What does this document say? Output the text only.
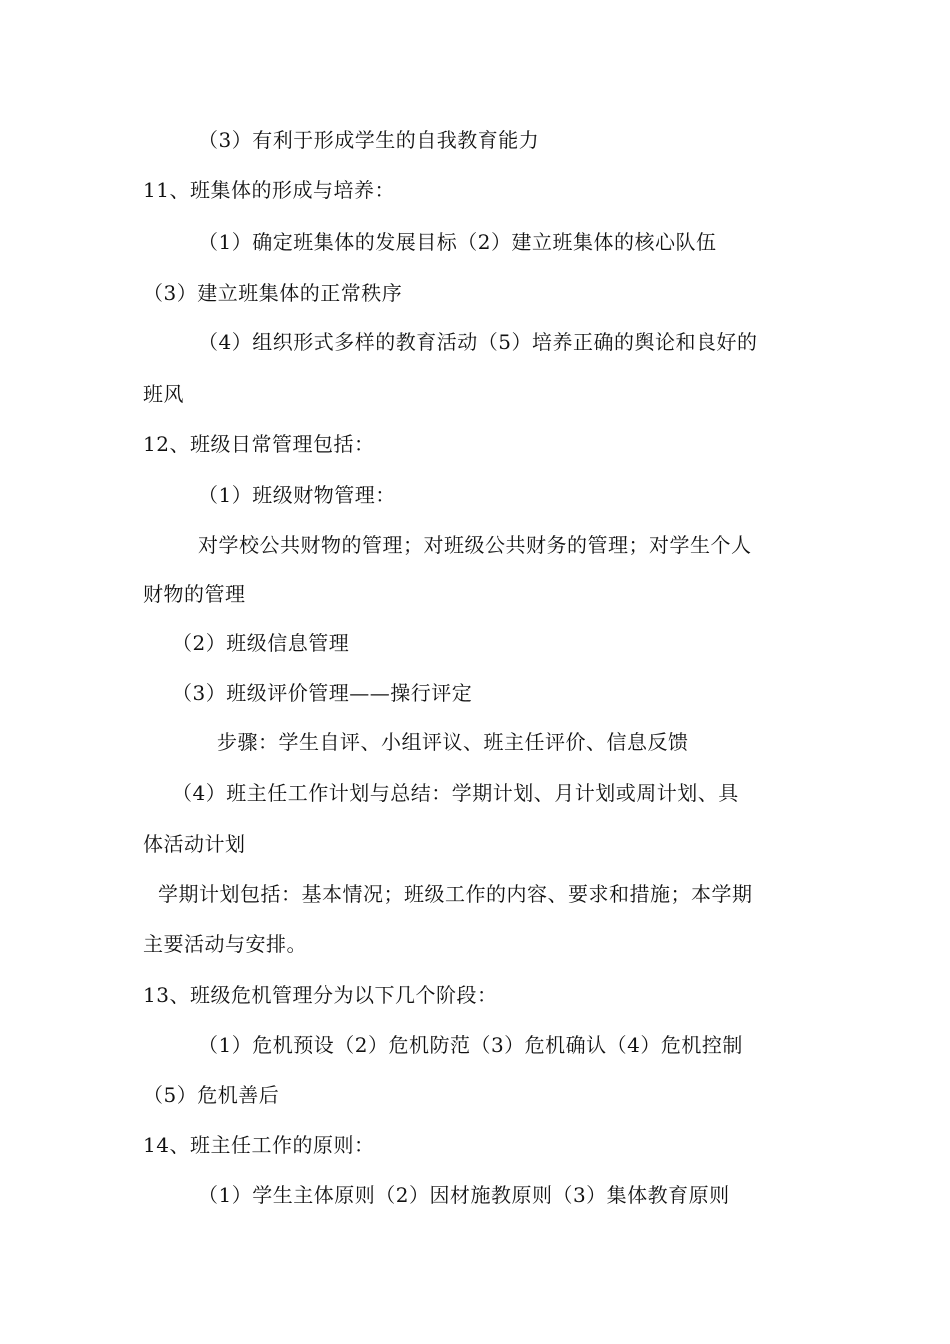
（3）有利于形成学生的自我教育能力
11、班集体的形成与培养：
（1）确定班集体的发展目标（2）建立班集体的核心队伍
（3）建立班集体的正常秩序
（4）组织形式多样的教育活动（5）培养正确的舆论和良好的
班风
12、班级日常管理包括：
（1）班级财物管理：
对学校公共财物的管理；对班级公共财务的管理；对学生个人
财物的管理
（2）班级信息管理
（3）班级评价管理——操行评定
步骤：学生自评、小组评议、班主任评价、信息反馈
（4）班主任工作计划与总结：学期计划、月计划或周计划、具
体活动计划
学期计划包括：基本情况；班级工作的内容、要求和措施；本学期
主要活动与安排。
13、班级危机管理分为以下几个阶段：
（1）危机预设（2）危机防范（3）危机确认（4）危机控制
（5）危机善后
14、班主任工作的原则：
（1）学生主体原则（2）因材施教原则（3）集体教育原则
